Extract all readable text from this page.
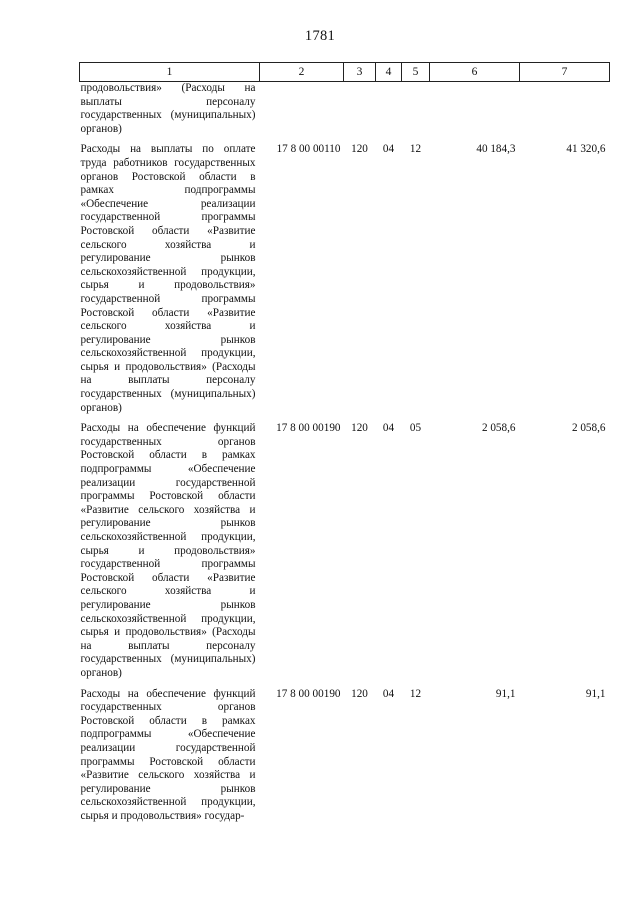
1781
1	2	3	4	5	6	7
продовольствия» (Расходы на выплаты персоналу государственных (муниципальных) органов)						
Расходы на выплаты по оплате труда работников государственных органов Ростовской области в рамках подпрограммы «Обеспечение реализации государственной программы Ростовской области «Развитие сельского хозяйства и регулирование рынков сельскохозяйственной продукции, сырья и продовольствия» государственной программы Ростовской области «Развитие сельского хозяйства и регулирование рынков сельскохозяйственной продукции, сырья и продовольствия» (Расходы на выплаты персоналу государственных (муниципальных) органов)	17 8 00 00110	120	04	12	40 184,3	41 320,6
Расходы на обеспечение функций государственных органов Ростовской области в рамках подпрограммы «Обеспечение реализации государственной программы Ростовской области «Развитие сельского хозяйства и регулирование рынков сельскохозяйственной продукции, сырья и продовольствия» государственной программы Ростовской области «Развитие сельского хозяйства и регулирование рынков сельскохозяйственной продукции, сырья и продовольствия» (Расходы на выплаты персоналу государственных (муниципальных) органов)	17 8 00 00190	120	04	05	2 058,6	2 058,6
Расходы на обеспечение функций государственных органов Ростовской области в рамках подпрограммы «Обеспечение реализации государственной программы Ростовской области «Развитие сельского хозяйства и регулирование рынков сельскохозяйственной продукции, сырья и продовольствия» государ-	17 8 00 00190	120	04	12	91,1	91,1
